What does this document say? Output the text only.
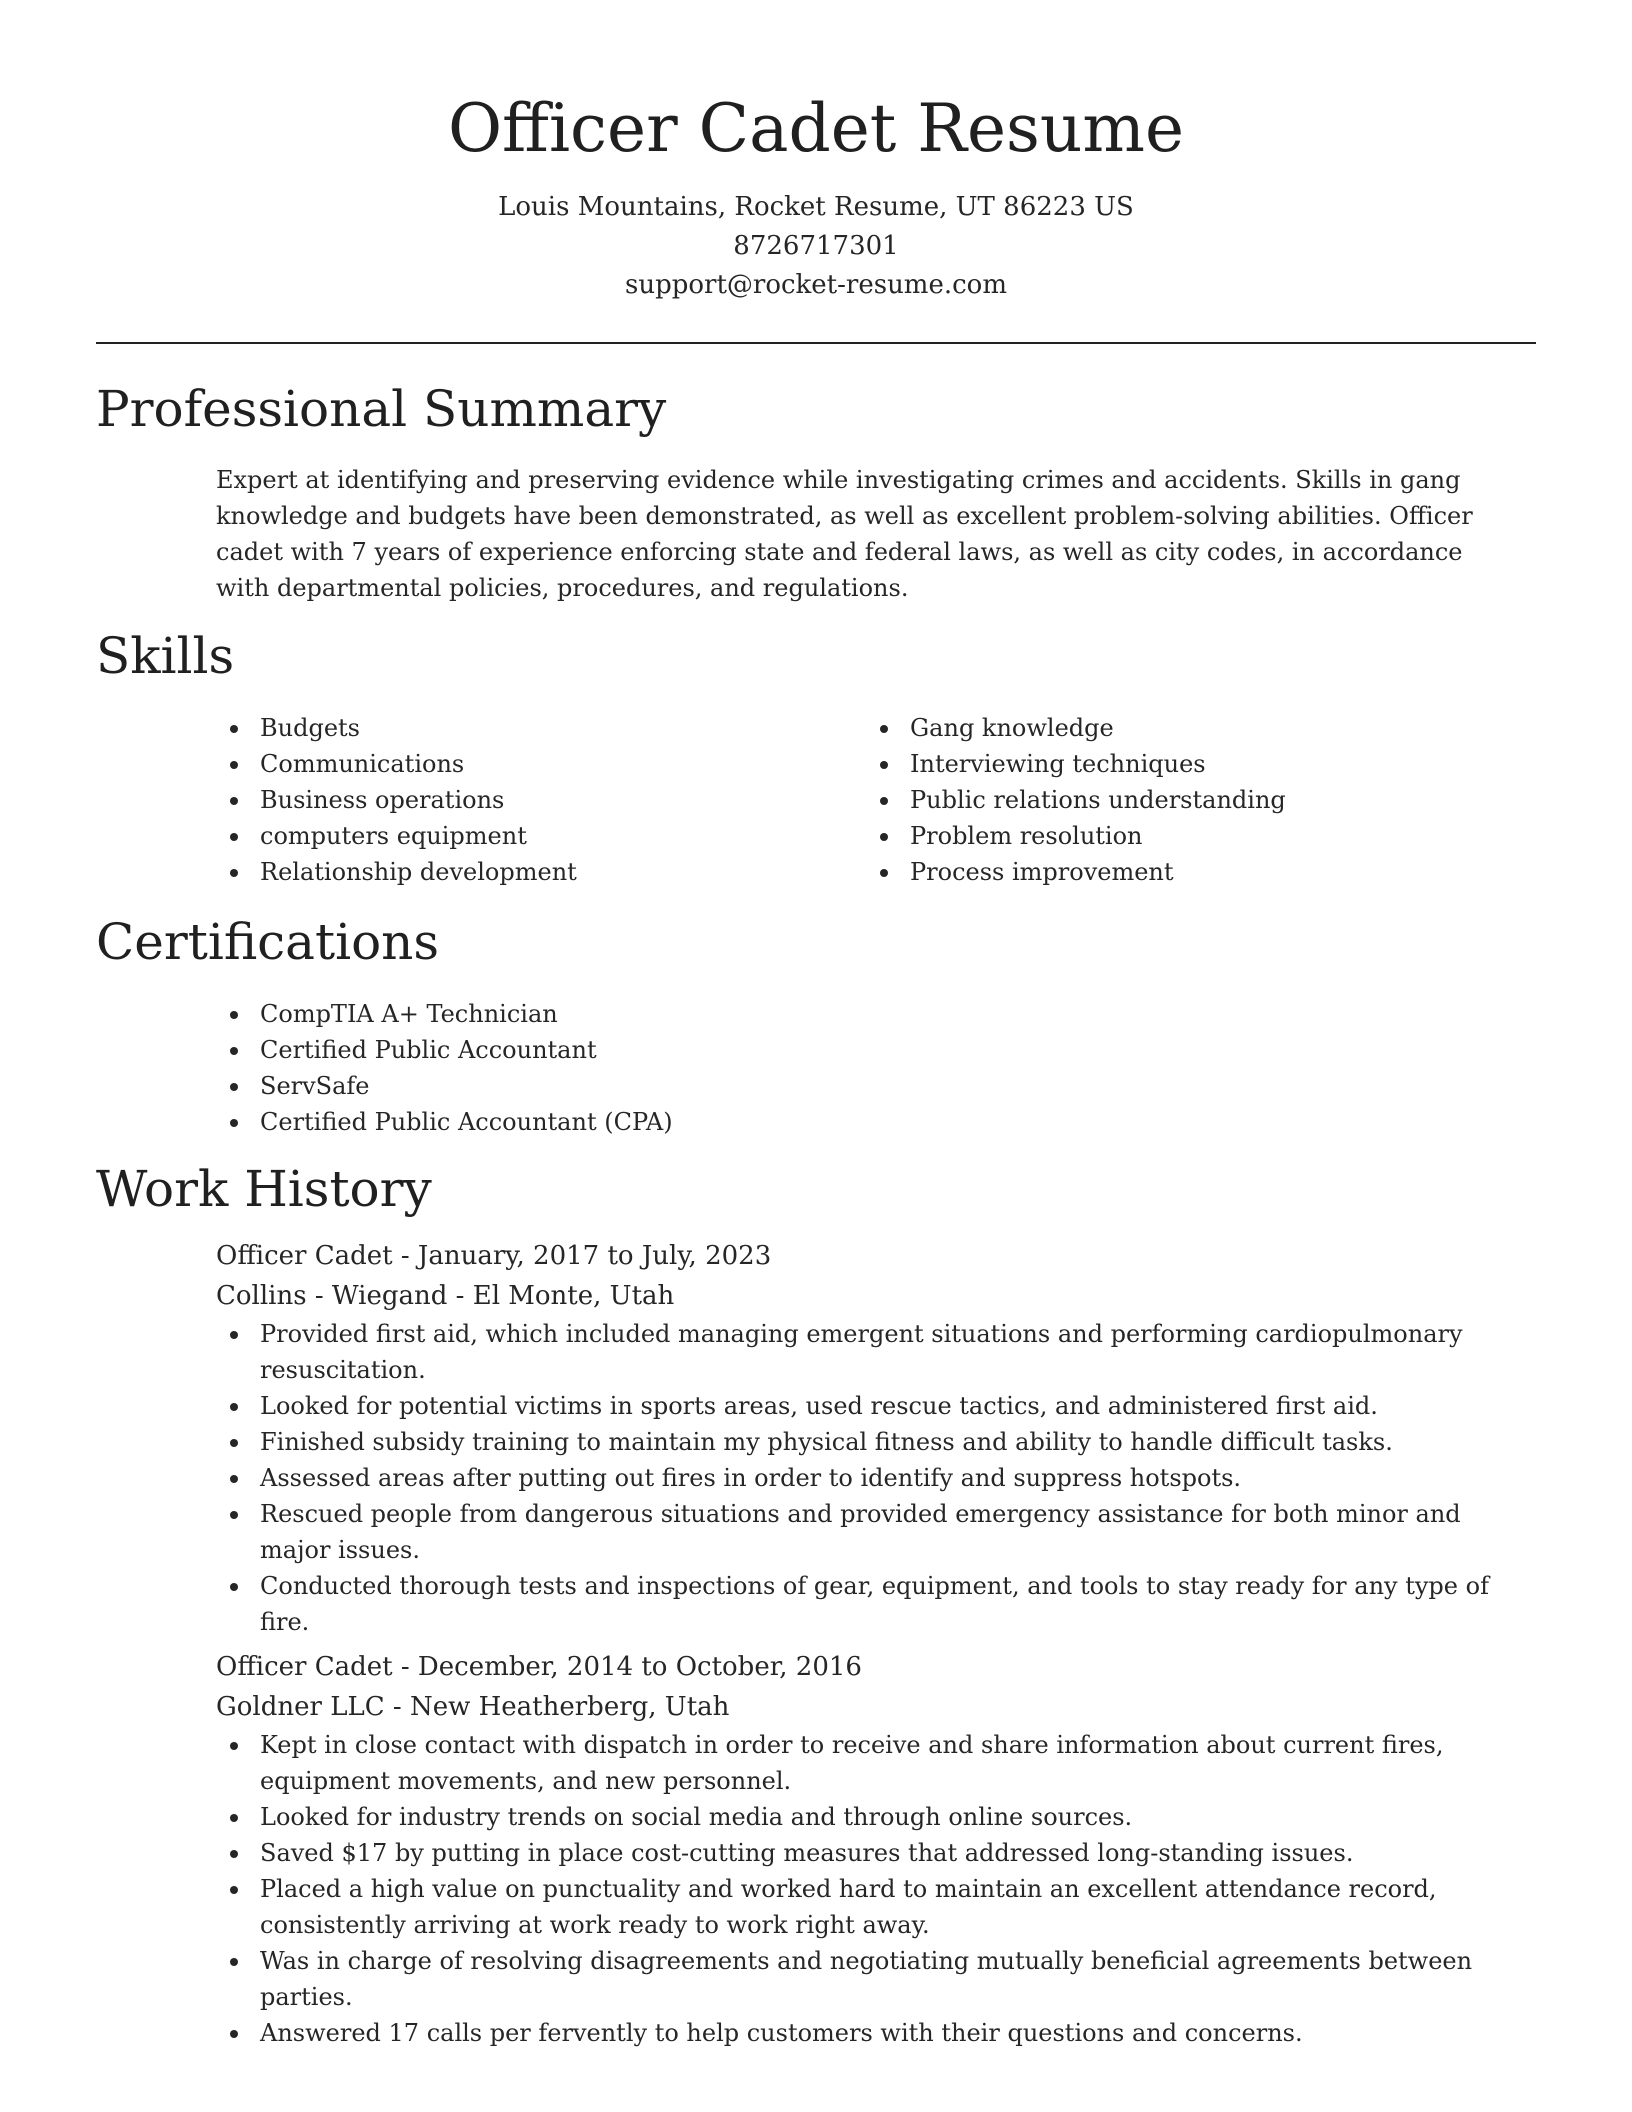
Officer Cadet Resume
Louis Mountains, Rocket Resume, UT 86223 US
8726717301
support@rocket-resume.com
Professional Summary

Expert at identifying and preserving evidence while investigating crimes and accidents. Skills in gang knowledge and budgets have been demonstrated, as well as excellent problem-solving abilities. Officer cadet with 7 years of experience enforcing state and federal laws, as well as city codes, in accordance with departmental policies, procedures, and regulations.

Skills
Budgets
Communications
Business operations
computers equipment
Relationship development
Gang knowledge
Interviewing techniques
Public relations understanding
Problem resolution
Process improvement
Certifications
CompTIA A+ Technician
Certified Public Accountant
ServSafe
Certified Public Accountant (CPA)
Work History
Officer Cadet - January, 2017 to July, 2023
Collins - Wiegand - El Monte, Utah
Provided first aid, which included managing emergent situations and performing cardiopulmonary resuscitation.
Looked for potential victims in sports areas, used rescue tactics, and administered first aid.
Finished subsidy training to maintain my physical fitness and ability to handle difficult tasks.
Assessed areas after putting out fires in order to identify and suppress hotspots.
Rescued people from dangerous situations and provided emergency assistance for both minor and major issues.
Conducted thorough tests and inspections of gear, equipment, and tools to stay ready for any type of fire.
Officer Cadet - December, 2014 to October, 2016
Goldner LLC - New Heatherberg, Utah
Kept in close contact with dispatch in order to receive and share information about current fires, equipment movements, and new personnel.
Looked for industry trends on social media and through online sources.
Saved $17 by putting in place cost-cutting measures that addressed long-standing issues.
Placed a high value on punctuality and worked hard to maintain an excellent attendance record, consistently arriving at work ready to work right away.
Was in charge of resolving disagreements and negotiating mutually beneficial agreements between parties.
Answered 17 calls per fervently to help customers with their questions and concerns.
